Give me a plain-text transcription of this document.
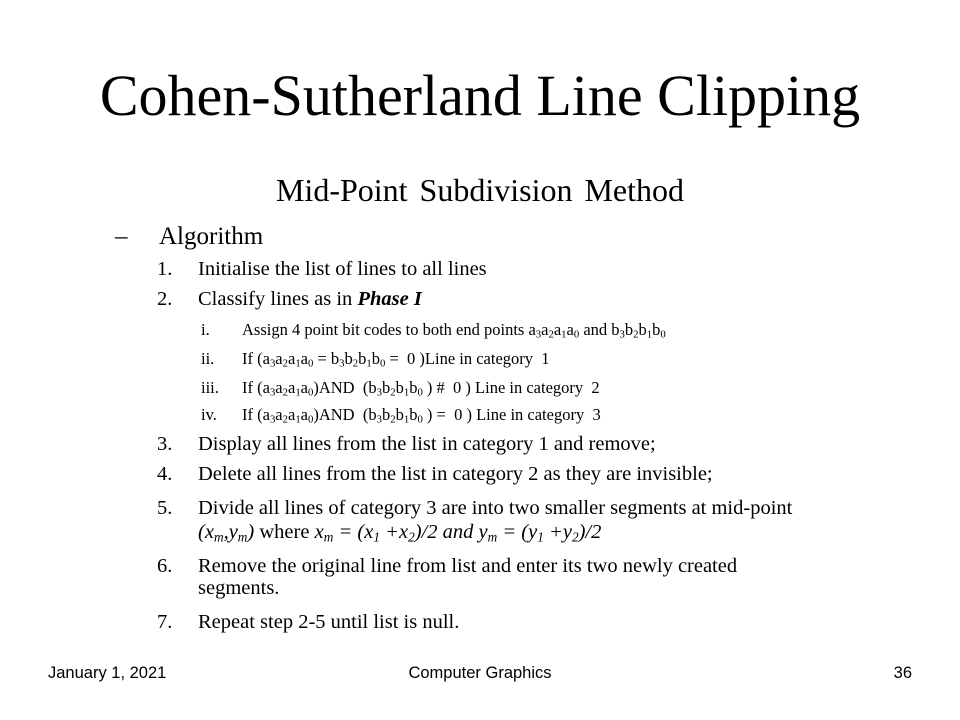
Cohen-Sutherland Line Clipping
Mid-Point Subdivision Method
– Algorithm
1. Initialise the list of lines to all lines
2. Classify lines as in Phase I
i. Assign 4 point bit codes to both end points $a_3a_2a_1a_0$ and $b_3b_2b_1b_0$
ii. If ($a_3a_2a_1a_0 = b_3b_2b_1b_0 = 0$ )Line in category  1
iii. If $(a_3a_2a_1a_0)AND$  ($b_3b_2b_1b_0$ ) #  0 ) Line in category  2
iv. If $(a_3a_2a_1a_0)AND$  ($b_3b_2b_1b_0$ ) =  0 ) Line in category  3
3. Display all lines from the list in category 1 and remove;
4. Delete all lines from the list in category 2 as they are invisible;
5. Divide all lines of category 3 are into two smaller segments at mid-point
$(x_m,y_m)$ where $x_m = (x_1 +x_2)/2$ and $y_m = (y_1 +y_2)/2$
6. Remove the original line from list and enter its two newly created
segments.
7. Repeat step 2-5 until list is null.
January 1, 2021	Computer Graphics	36
